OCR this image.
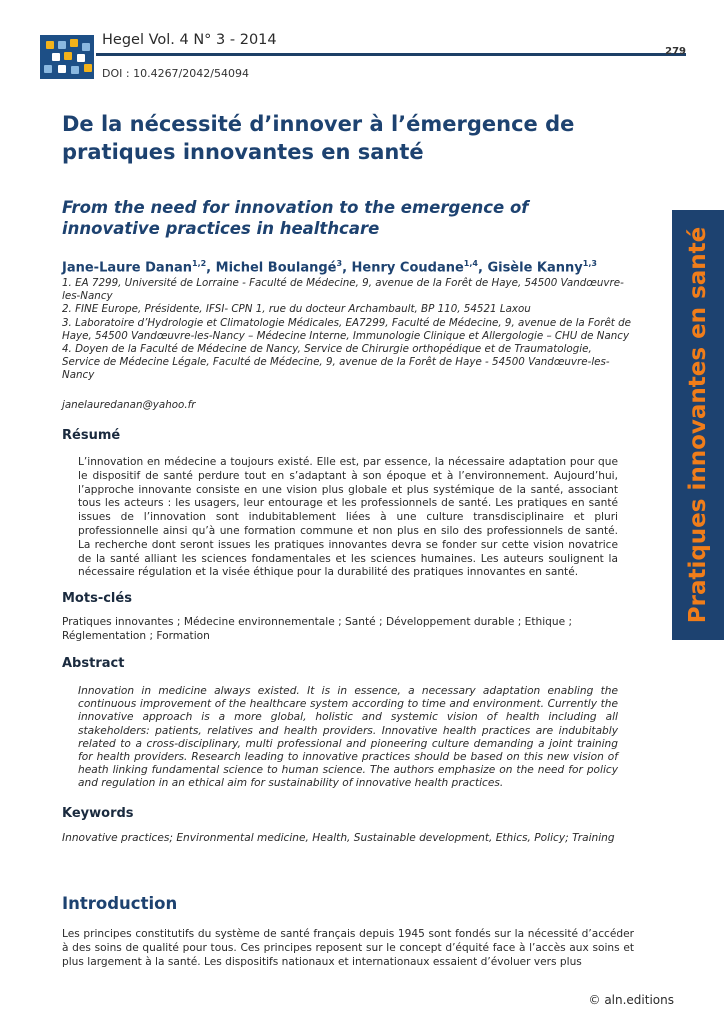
Hegel Vol. 4 N° 3 - 2014
279
DOI : 10.4267/2042/54094
De la nécessité d’innover à l’émergence de pratiques innovantes en santé
From the need for innovation to the emergence of innovative practices in healthcare
Jane-Laure Danan$^{1,2}$, Michel Boulangé$^3$, Henry Coudane$^{1,4}$, Gisèle Kanny$^{1,3}$
1. EA 7299, Université de Lorraine - Faculté de Médecine, 9, avenue de la Forêt de Haye, 54500 Vandœuvre-les-Nancy
2. FINE Europe, Présidente, IFSI- CPN 1, rue du docteur Archambault, BP 110, 54521 Laxou
3. Laboratoire d’Hydrologie et Climatologie Médicales, EA7299, Faculté de Médecine, 9, avenue de la Forêt de Haye, 54500 Vandœuvre-les-Nancy – Médecine Interne, Immunologie Clinique et Allergologie – CHU de Nancy
4. Doyen de la Faculté de Médecine de Nancy, Service de Chirurgie orthopédique et de Traumatologie, Service de Médecine Légale, Faculté de Médecine, 9, avenue de la Forêt de Haye - 54500 Vandœuvre-les-Nancy
janelauredanan@yahoo.fr
Résumé
L’innovation en médecine a toujours existé. Elle est, par essence, la nécessaire adaptation pour que le dispositif de santé perdure tout en s’adaptant à son époque et à l’environnement. Aujourd’hui, l’approche innovante consiste en une vision plus globale et plus systémique de la santé, associant tous les acteurs : les usagers, leur entourage et les professionnels de santé. Les pratiques en santé issues de l’innovation sont indubitablement liées à une culture transdisciplinaire et pluri professionnelle ainsi qu’à une formation commune et non plus en silo des professionnels de santé. La recherche dont seront issues les pratiques innovantes devra se fonder sur cette vision novatrice de la santé alliant les sciences fondamentales et les sciences humaines. Les auteurs soulignent la nécessaire régulation et la visée éthique pour la durabilité des pratiques innovantes en santé.
Mots-clés
Pratiques innovantes ; Médecine environnementale ; Santé ; Développement durable ; Ethique ; Réglementation ; Formation
Abstract
Innovation in medicine always existed. It is in essence, a necessary adaptation enabling the continuous improvement of the healthcare system according to time and environment. Currently the innovative approach is a more global, holistic and systemic vision of health including all stakeholders: patients, relatives and health providers. Innovative health practices are indubitably related to a cross-disciplinary, multi professional and pioneering culture demanding a joint training for health providers. Research leading to innovative practices should be based on this new vision of heath linking fundamental science to human science. The authors emphasize on the need for policy and regulation in an ethical aim for sustainability of innovative health practices.
Keywords
Innovative practices; Environmental medicine, Health, Sustainable development, Ethics, Policy; Training
Introduction
Les principes constitutifs du système de santé français depuis 1945 sont fondés sur la nécessité d’accéder à des soins de qualité pour tous. Ces principes reposent sur le concept d’équité face à l’accès aux soins et plus largement à la santé. Les dispositifs nationaux et internationaux essaient d’évoluer vers plus
Pratiques innovantes en santé
© aln.editions
